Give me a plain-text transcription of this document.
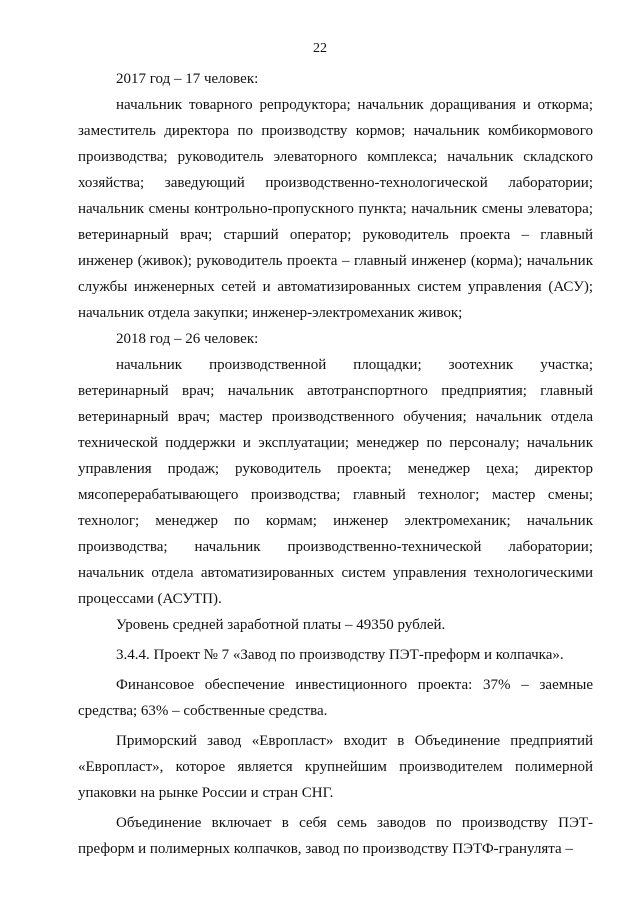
22

2017 год – 17 человек:

начальник товарного репродуктора; начальник доращивания и откорма; заместитель директора по производству кормов; начальник комбикормового производства; руководитель элеваторного комплекса; начальник складского хозяйства; заведующий производственно-технологической лаборатории; начальник смены контрольно-пропускного пункта; начальник смены элеватора; ветеринарный врач; старший оператор; руководитель проекта – главный инженер (живок); руководитель проекта – главный инженер (корма); начальник службы инженерных сетей и автоматизированных систем управления (АСУ); начальник отдела закупки; инженер-электромеханик живок;

2018 год – 26 человек:

начальник производственной площадки; зоотехник участка; ветеринарный врач; начальник автотранспортного предприятия; главный ветеринарный врач; мастер производственного обучения; начальник отдела технической поддержки и эксплуатации; менеджер по персоналу; начальник управления продаж; руководитель проекта; менеджер цеха; директор мясоперерабатывающего производства; главный технолог; мастер смены; технолог; менеджер по кормам; инженер электромеханик; начальник производства; начальник производственно-технической лаборатории; начальник отдела автоматизированных систем управления технологическими процессами (АСУТП).

Уровень средней заработной платы – 49350 рублей.

3.4.4. Проект № 7 «Завод по производству ПЭТ-преформ и колпачка».

Финансовое обеспечение инвестиционного проекта: 37% – заемные средства; 63% – собственные средства.

Приморский завод «Европласт» входит в Объединение предприятий «Европласт», которое является крупнейшим производителем полимерной упаковки на рынке России и стран СНГ.

Объединение включает в себя семь заводов по производству ПЭТ-преформ и полимерных колпачков, завод по производству ПЭТФ-гранулята –
